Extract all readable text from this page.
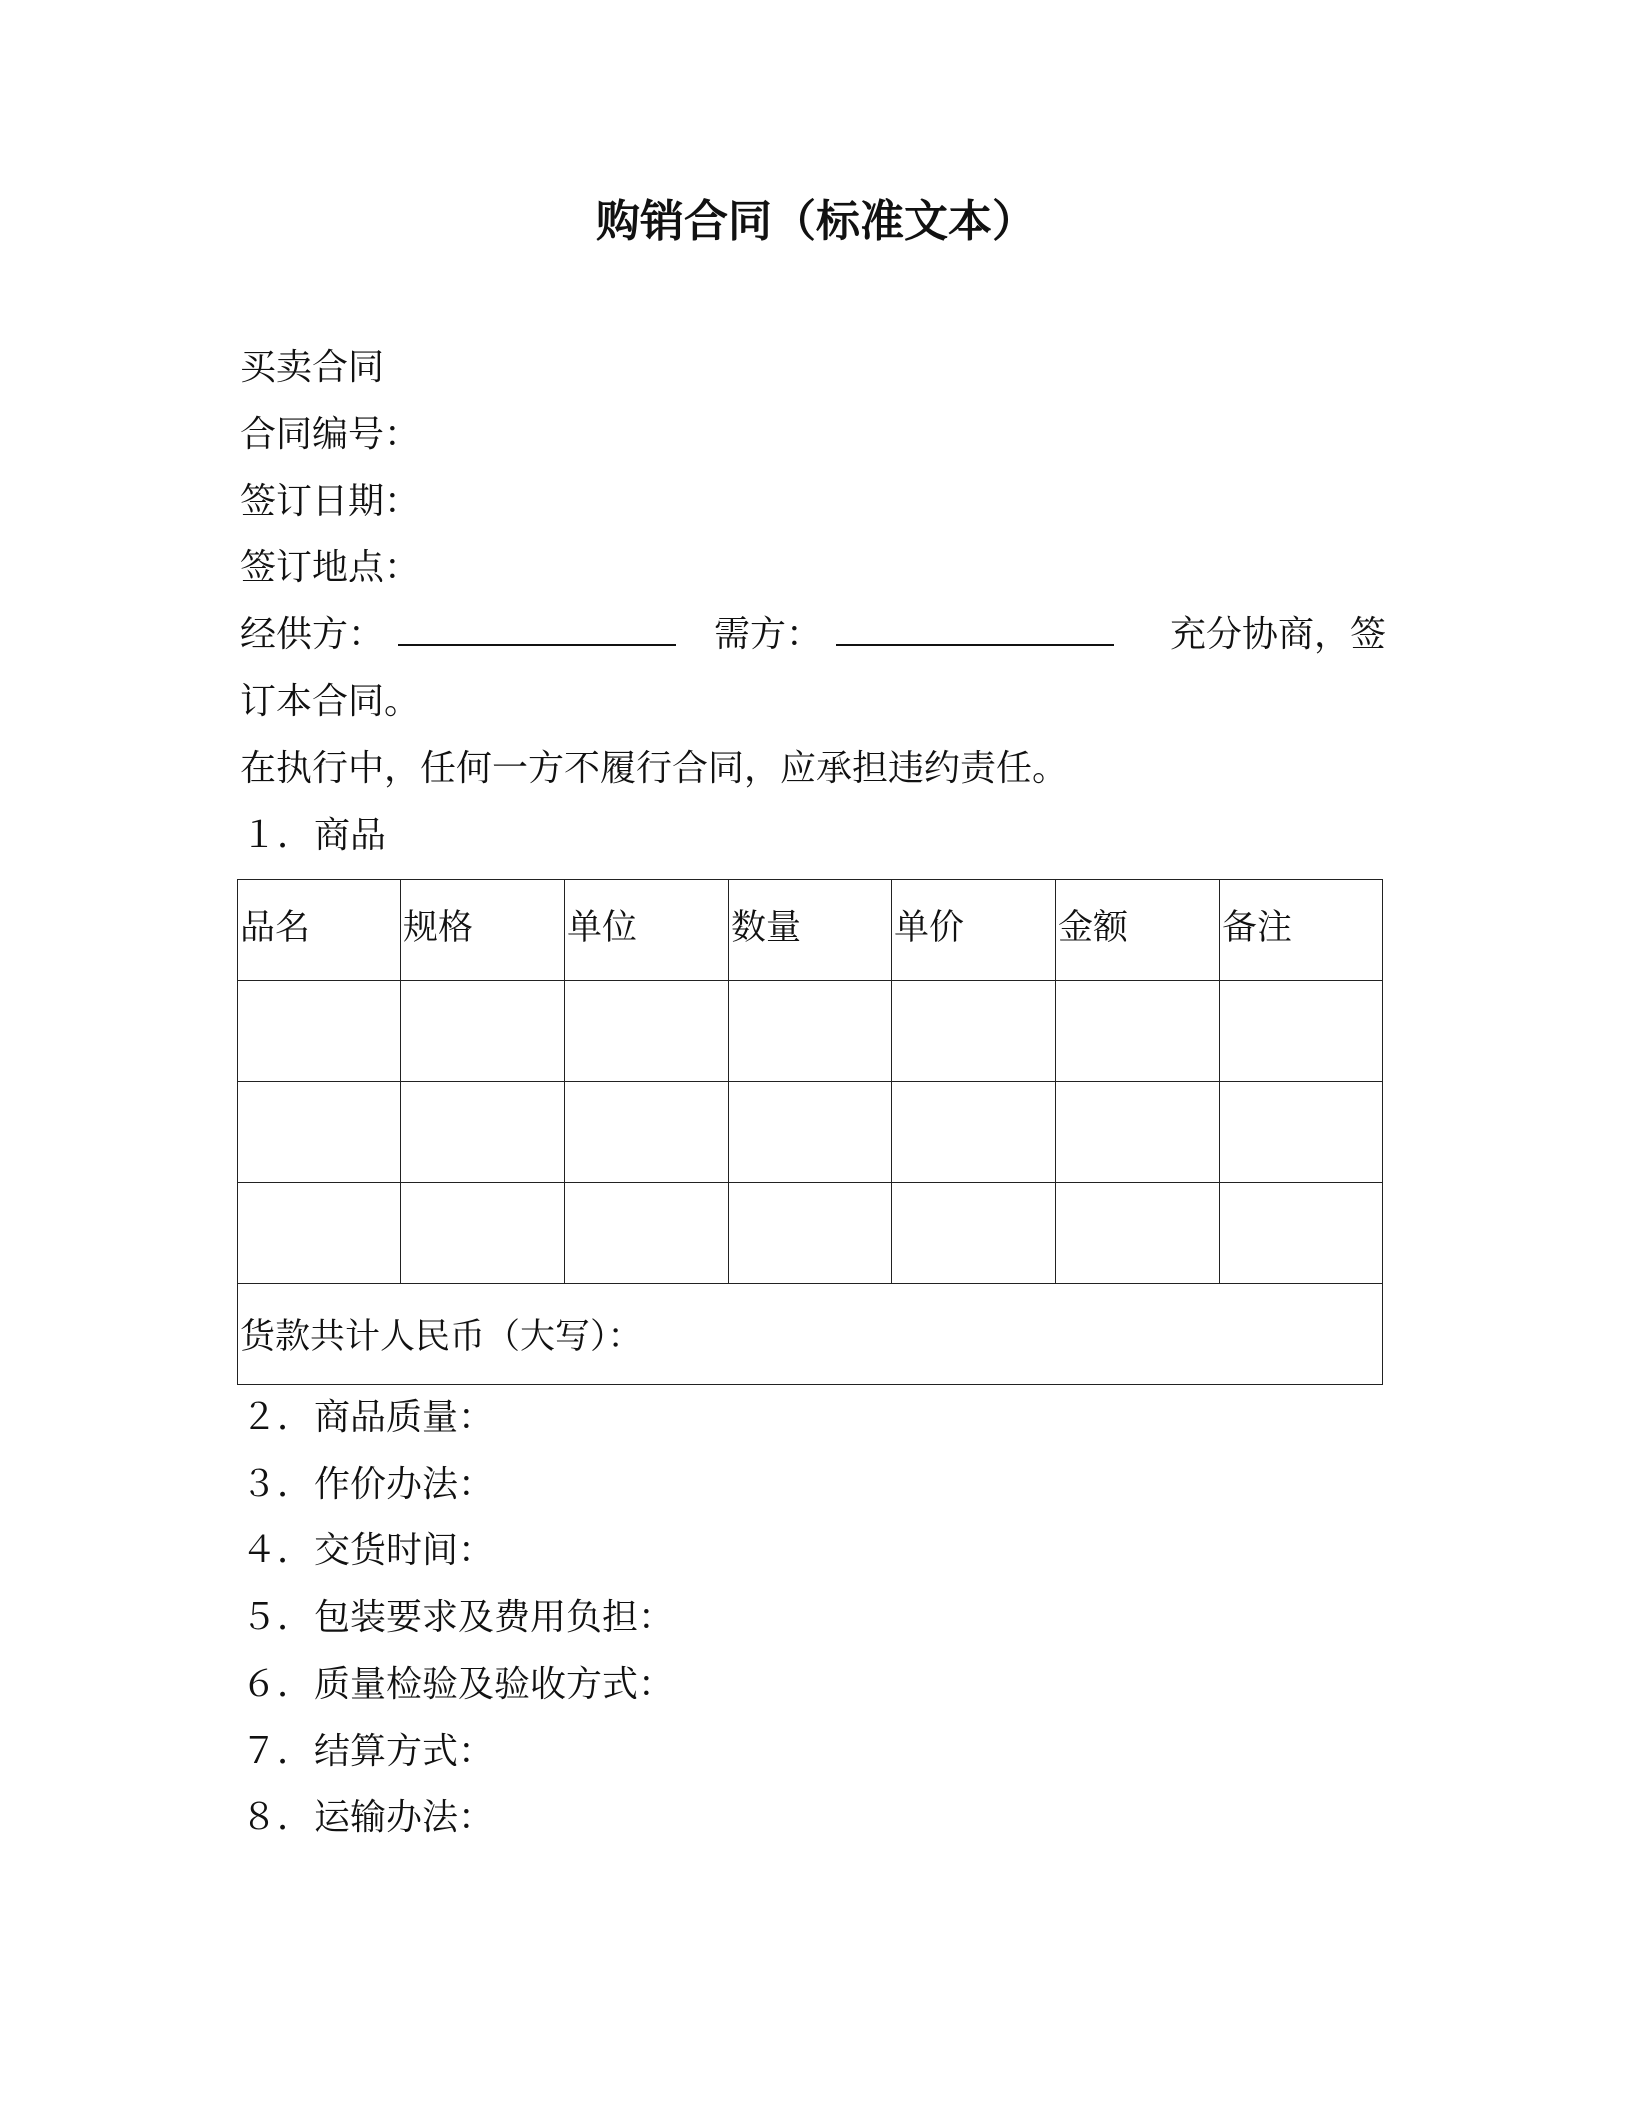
购销合同（标准文本）
买卖合同
合同编号：
签订日期：
签订地点：
经供方：	需方：	充分协商，签
订本合同。
在执行中，任何一方不履行合同，应承担违约责任。
１．商品
品名	规格	单位	数量	单价	金额	备注

货款共计人民币（大写）：						
２．商品质量：
３．作价办法：
４．交货时间：
５．包装要求及费用负担：
６．质量检验及验收方式：
７．结算方式：
８．运输办法：
